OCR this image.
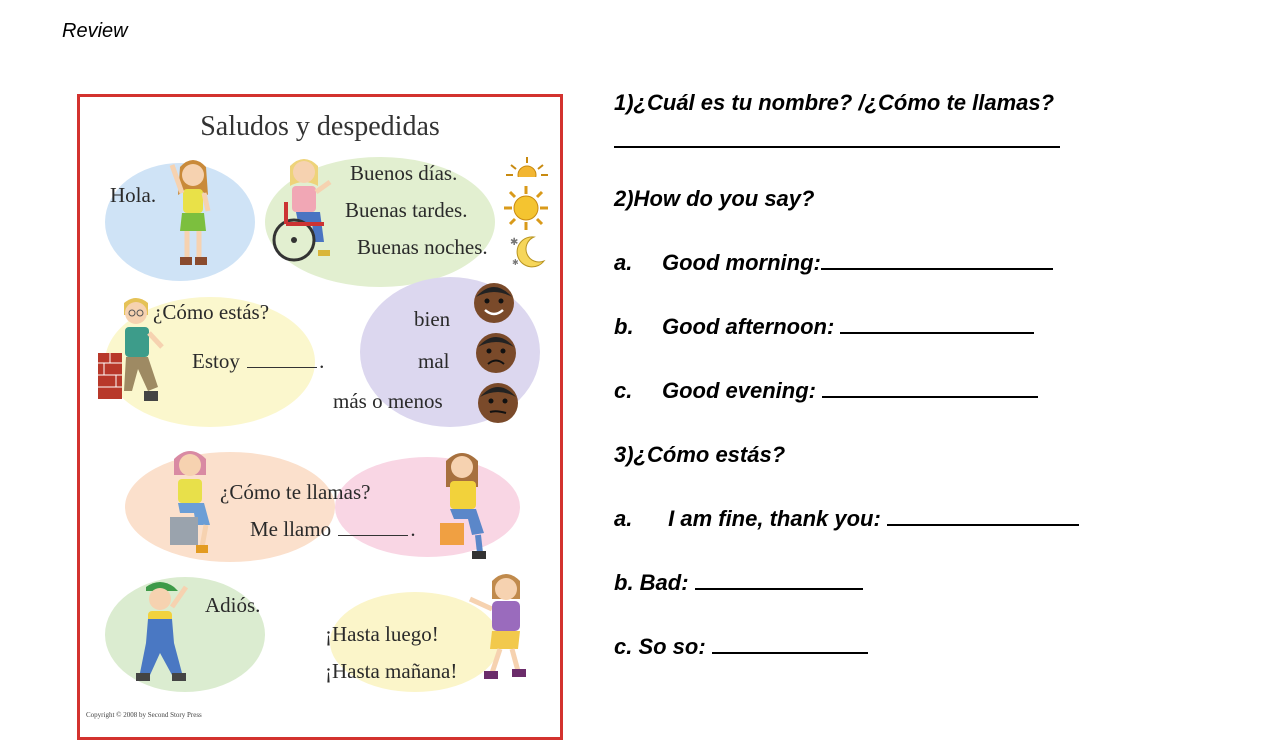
Review
Saludos y despedidas
Hola.
Buenos días.
Buenas tardes.
Buenas noches.
¿Cómo estás?
Estoy	.
bien
mal
más o menos
¿Cómo te llamas?
Me llamo	.
Adiós.
¡Hasta luego!
¡Hasta mañana!
✱
✱
Copyright © 2008 by Second Story Press
1)¿Cuál es tu nombre? /¿Cómo te llamas?
2)How do you say?
a. Good morning:
b. Good afternoon:
c. Good evening:
3)¿Cómo estás?
a. I am fine, thank you:
b. Bad:
c. So so:
